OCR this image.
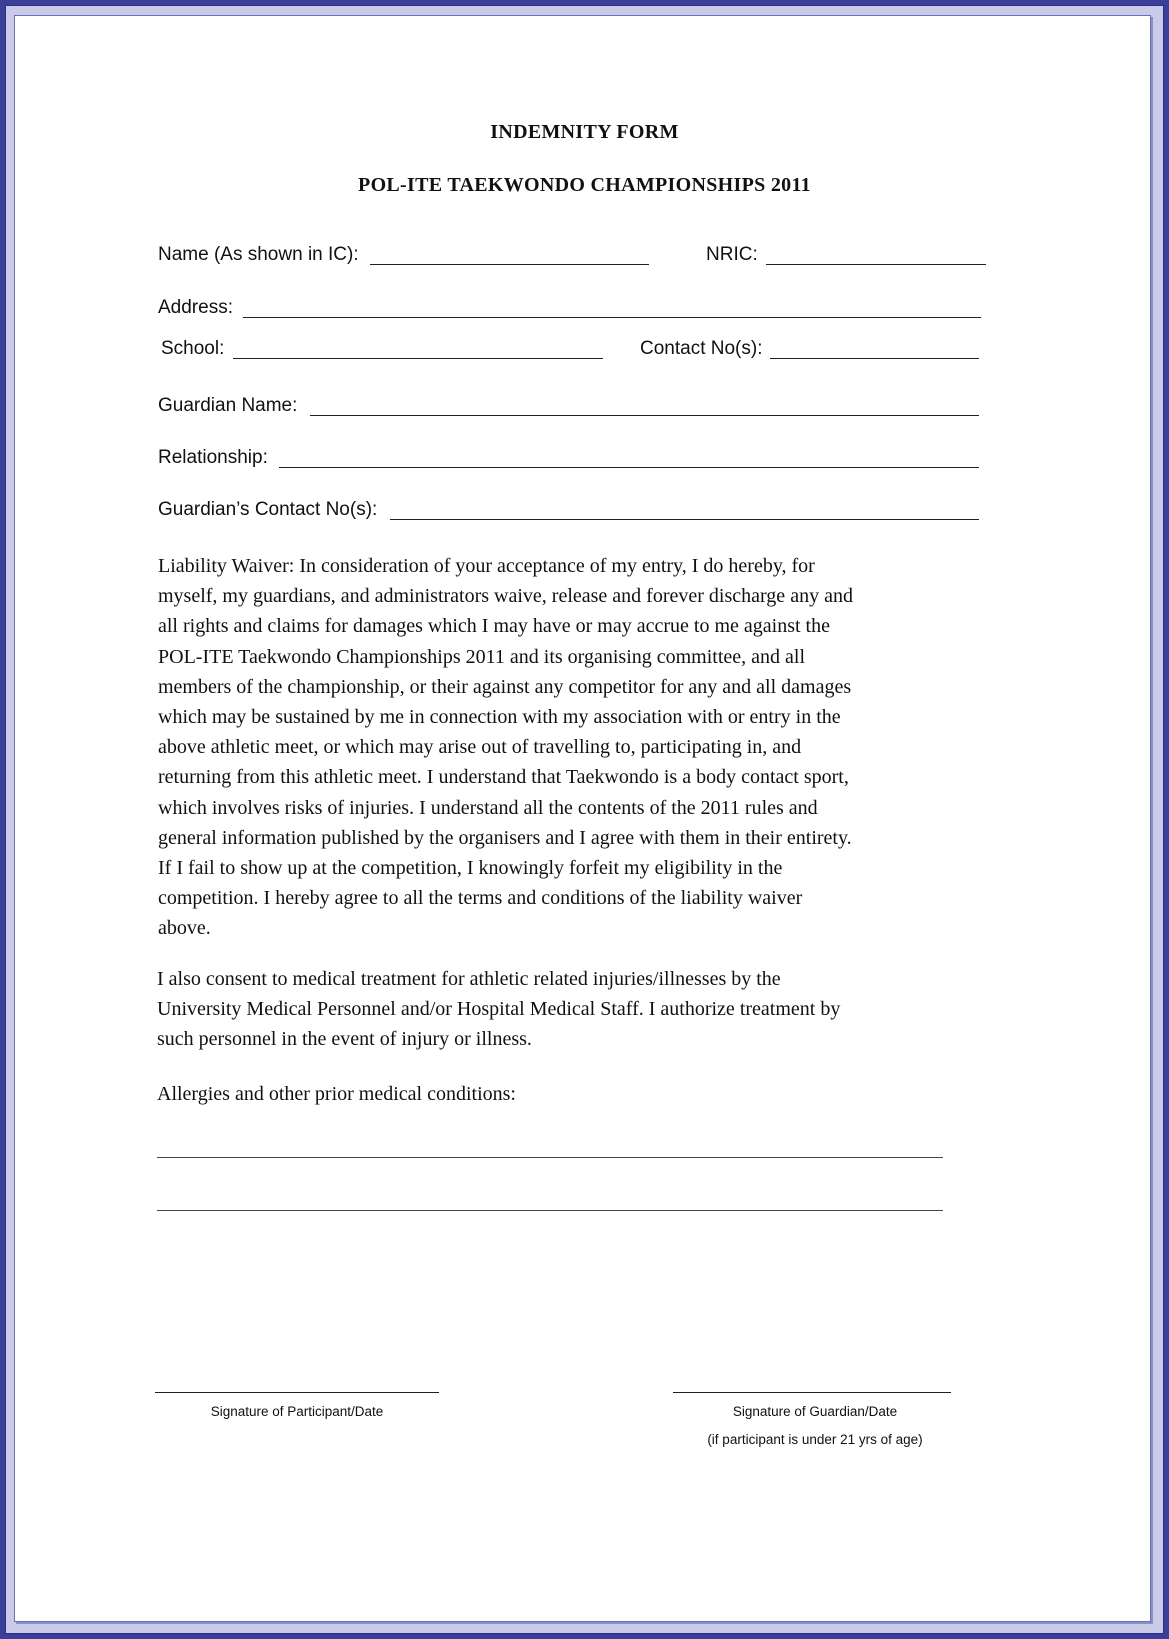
INDEMNITY FORM
POL-ITE TAEKWONDO CHAMPIONSHIPS 2011
Name (As shown in IC):	NRIC:
Address:
School:	Contact No(s):
Guardian Name:
Relationship:
Guardian’s Contact No(s):
Liability Waiver: In consideration of your acceptance of my entry, I do hereby, for
myself, my guardians, and administrators waive, release and forever discharge any and
all rights and claims for damages which I may have or may accrue to me against the
POL-ITE Taekwondo Championships 2011 and its organising committee, and all
members of the championship, or their against any competitor for any and all damages
which may be sustained by me in connection with my association with or entry in the
above athletic meet, or which may arise out of travelling to, participating in, and
returning from this athletic meet. I understand that Taekwondo is a body contact sport,
which involves risks of injuries. I understand all the contents of the 2011 rules and
general information published by the organisers and I agree with them in their entirety.
If I fail to show up at the competition, I knowingly forfeit my eligibility in the
competition. I hereby agree to all the terms and conditions of the liability waiver
above.
I also consent to medical treatment for athletic related injuries/illnesses by the
University Medical Personnel and/or Hospital Medical Staff. I authorize treatment by
such personnel in the event of injury or illness.
Allergies and other prior medical conditions:
Signature of Participant/Date	Signature of Guardian/Date
(if participant is under 21 yrs of age)
